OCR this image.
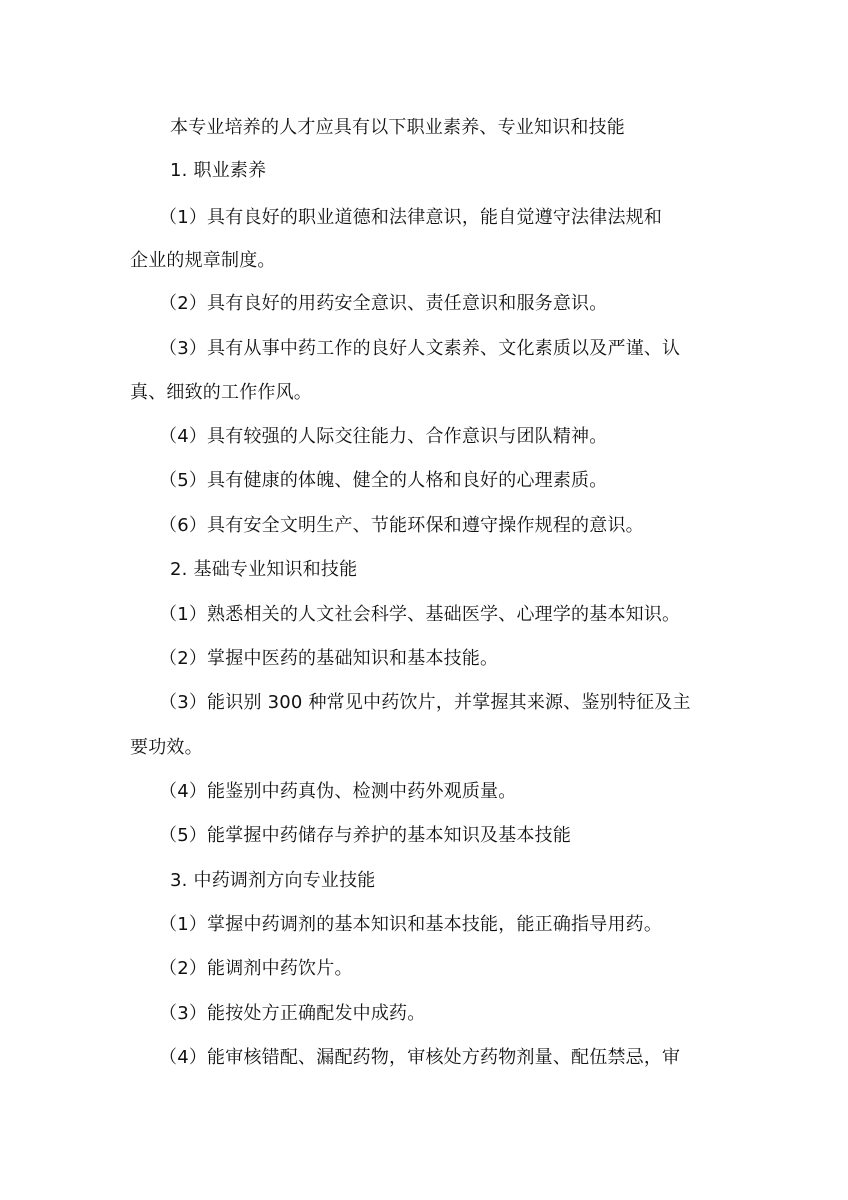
本专业培养的人才应具有以下职业素养、专业知识和技能
1. 职业素养
（1）具有良好的职业道德和法律意识，能自觉遵守法律法规和
企业的规章制度。
（2）具有良好的用药安全意识、责任意识和服务意识。
（3）具有从事中药工作的良好人文素养、文化素质以及严谨、认
真、细致的工作作风。
（4）具有较强的人际交往能力、合作意识与团队精神。
（5）具有健康的体魄、健全的人格和良好的心理素质。
（6）具有安全文明生产、节能环保和遵守操作规程的意识。
2. 基础专业知识和技能
（1）熟悉相关的人文社会科学、基础医学、心理学的基本知识。
（2）掌握中医药的基础知识和基本技能。
（3）能识别 300 种常见中药饮片，并掌握其来源、鉴别特征及主
要功效。
（4）能鉴别中药真伪、检测中药外观质量。
（5）能掌握中药储存与养护的基本知识及基本技能
3. 中药调剂方向专业技能
（1）掌握中药调剂的基本知识和基本技能，能正确指导用药。
（2）能调剂中药饮片。
（3）能按处方正确配发中成药。
（4）能审核错配、漏配药物，审核处方药物剂量、配伍禁忌，审
